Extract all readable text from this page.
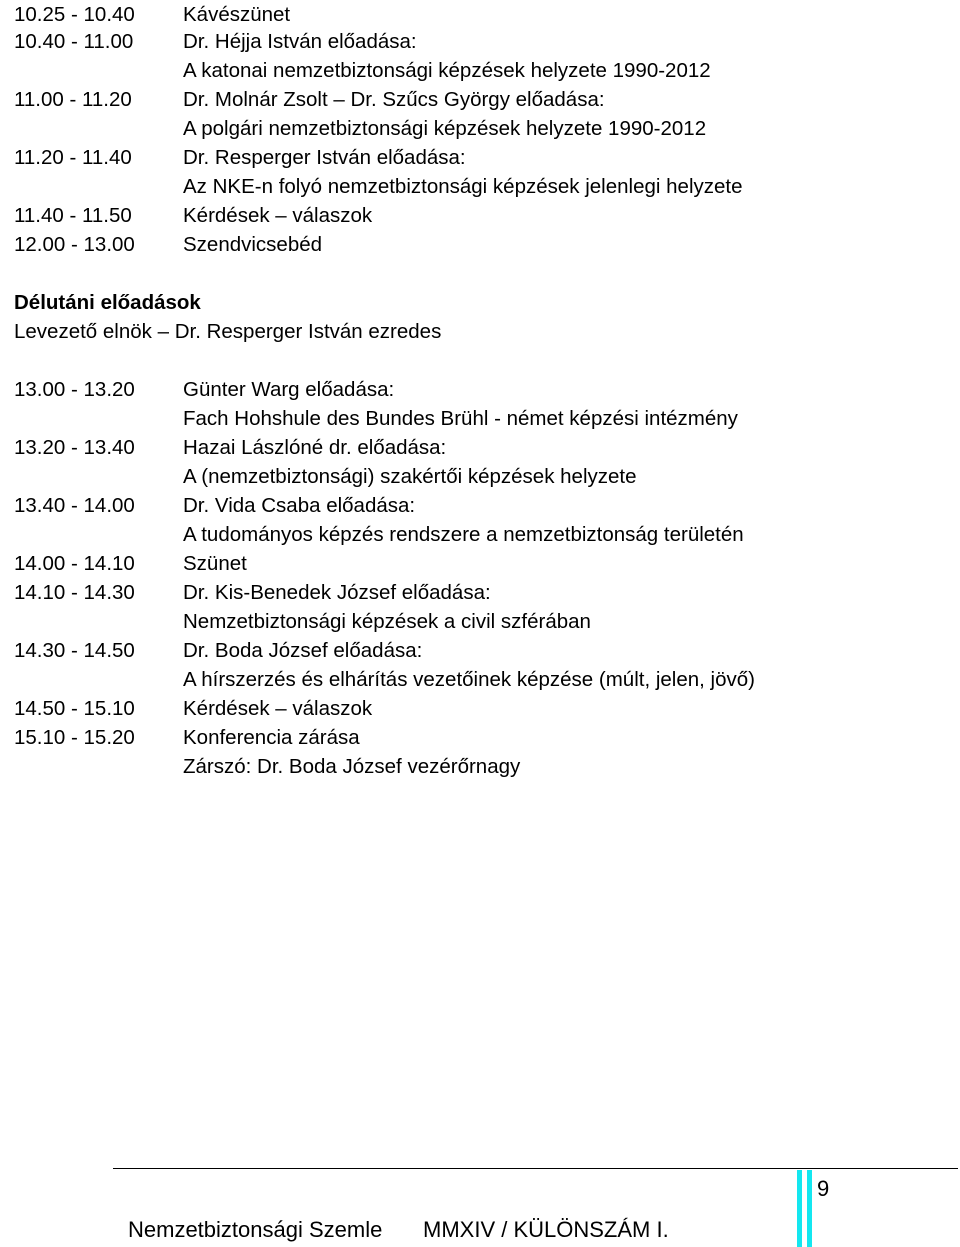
10.25 - 10.40 Kávészünet
10.40 - 11.00 Dr. Héjja István előadása:
A katonai nemzetbiztonsági képzések helyzete 1990-2012
11.00 - 11.20 Dr. Molnár Zsolt – Dr. Szűcs György előadása:
A polgári nemzetbiztonsági képzések helyzete 1990-2012
11.20 - 11.40 Dr. Resperger István előadása:
Az NKE-n folyó nemzetbiztonsági képzések jelenlegi helyzete
11.40 - 11.50 Kérdések – válaszok
12.00 - 13.00 Szendvicsebéd
Délutáni előadások
Levezető elnök – Dr. Resperger István ezredes
13.00 - 13.20 Günter Warg előadása:
Fach Hohshule des Bundes Brühl - német képzési intézmény
13.20 - 13.40 Hazai Lászlóné dr. előadása:
A (nemzetbiztonsági) szakértői képzések helyzete
13.40 - 14.00 Dr. Vida Csaba előadása:
A tudományos képzés rendszere a nemzetbiztonság területén
14.00 - 14.10 Szünet
14.10 - 14.30 Dr. Kis-Benedek József előadása:
Nemzetbiztonsági képzések a civil szférában
14.30 - 14.50 Dr. Boda József előadása:
A hírszerzés és elhárítás vezetőinek képzése (múlt, jelen, jövő)
14.50 - 15.10 Kérdések – válaszok
15.10 - 15.20 Konferencia zárása
Zárszó: Dr. Boda József vezérőrnagy
9
Nemzetbiztonsági Szemle MMXIV / KÜLÖNSZÁM I.
